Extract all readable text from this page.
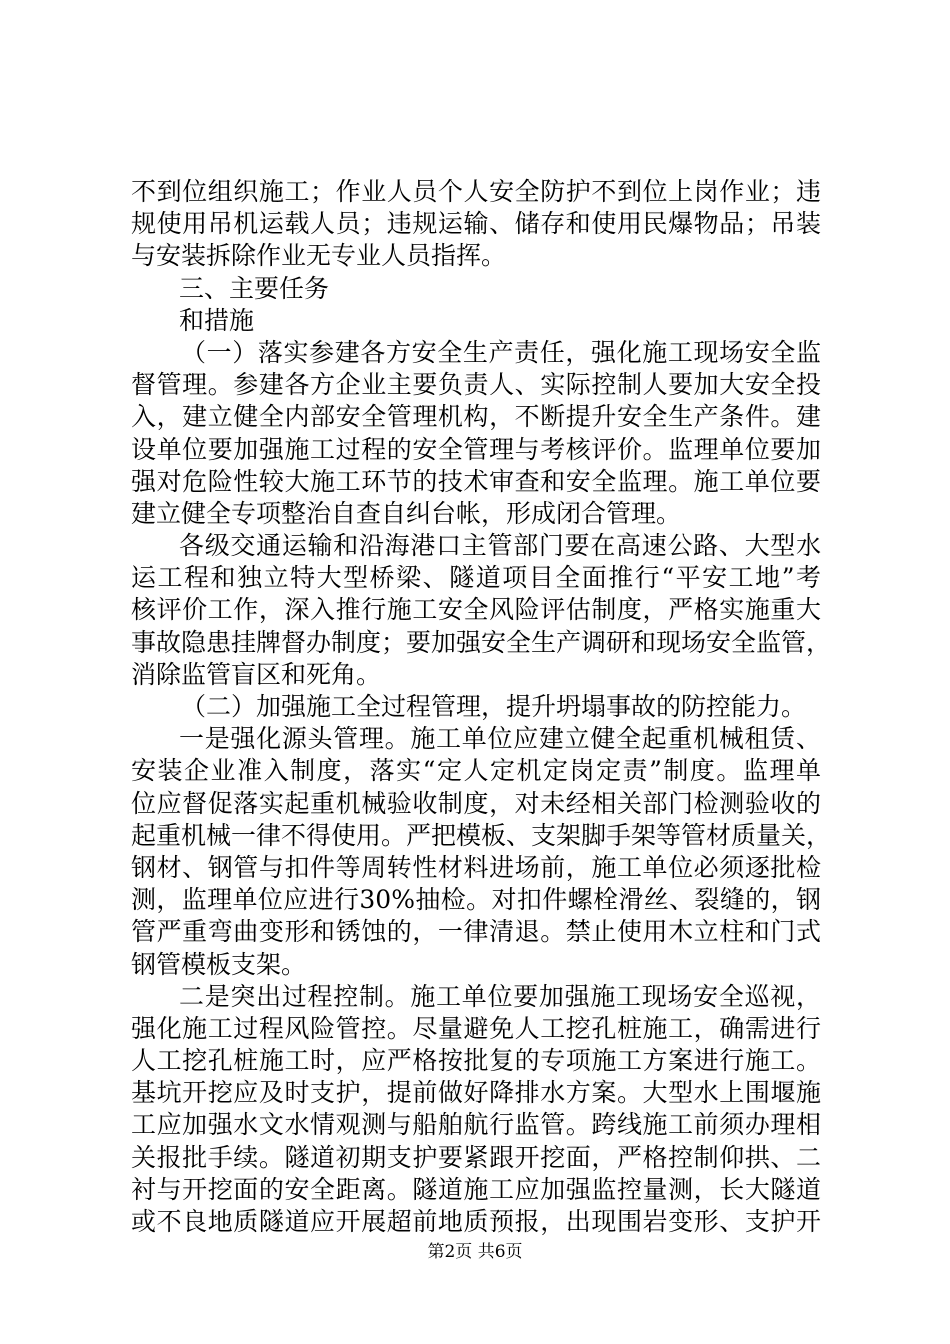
不到位组织施工；作业人员个人安全防护不到位上岗作业；违
规使用吊机运载人员；违规运输、储存和使用民爆物品；吊装
与安装拆除作业无专业人员指挥。
三、主要任务
和措施
（一）落实参建各方安全生产责任，强化施工现场安全监
督管理。参建各方企业主要负责人、实际控制人要加大安全投
入，建立健全内部安全管理机构，不断提升安全生产条件。建
设单位要加强施工过程的安全管理与考核评价。监理单位要加
强对危险性较大施工环节的技术审查和安全监理。施工单位要
建立健全专项整治自查自纠台帐，形成闭合管理。
各级交通运输和沿海港口主管部门要在高速公路、大型水
运工程和独立特大型桥梁、隧道项目全面推行“平安工地”考
核评价工作，深入推行施工安全风险评估制度，严格实施重大
事故隐患挂牌督办制度；要加强安全生产调研和现场安全监管，
消除监管盲区和死角。
（二）加强施工全过程管理，提升坍塌事故的防控能力。
一是强化源头管理。施工单位应建立健全起重机械租赁、
安装企业准入制度，落实“定人定机定岗定责”制度。监理单
位应督促落实起重机械验收制度，对未经相关部门检测验收的
起重机械一律不得使用。严把模板、支架脚手架等管材质量关，
钢材、钢管与扣件等周转性材料进场前，施工单位必须逐批检
测，监理单位应进行30%抽检。对扣件螺栓滑丝、裂缝的，钢
管严重弯曲变形和锈蚀的，一律清退。禁止使用木立柱和门式
钢管模板支架。
二是突出过程控制。施工单位要加强施工现场安全巡视，
强化施工过程风险管控。尽量避免人工挖孔桩施工，确需进行
人工挖孔桩施工时，应严格按批复的专项施工方案进行施工。
基坑开挖应及时支护，提前做好降排水方案。大型水上围堰施
工应加强水文水情观测与船舶航行监管。跨线施工前须办理相
关报批手续。隧道初期支护要紧跟开挖面，严格控制仰拱、二
衬与开挖面的安全距离。隧道施工应加强监控量测，长大隧道
或不良地质隧道应开展超前地质预报，出现围岩变形、支护开
第2页 共6页
